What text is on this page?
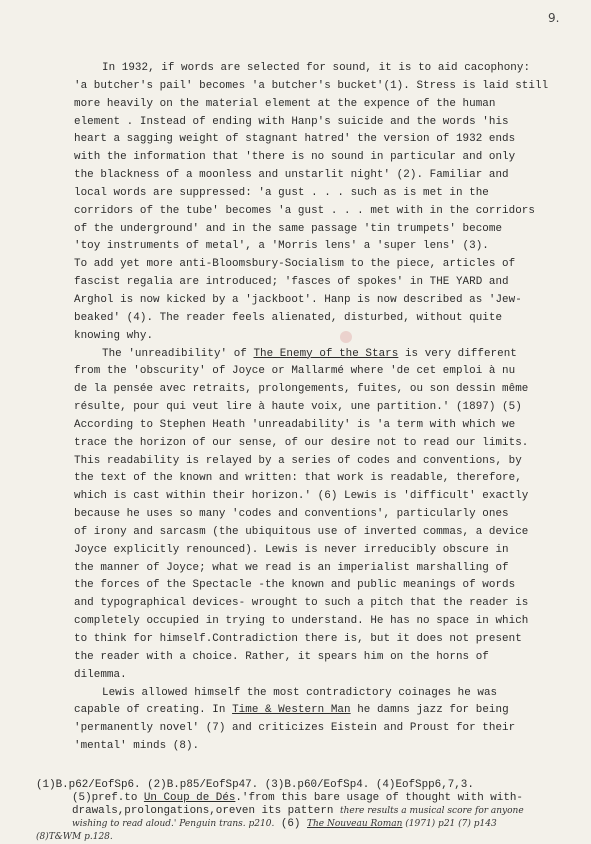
9.
In 1932, if words are selected for sound, it is to aid cacophony:
'a butcher's pail' becomes 'a butcher's bucket'(1). Stress is laid still
more heavily on the material element at the expence of the human
element . Instead of ending with Hanp's suicide and the words 'his
heart a sagging weight of stagnant hatred' the version of 1932 ends
with the information that 'there is no sound in particular and only
the blackness of a moonless and unstarlit night' (2). Familiar and
local words are suppressed: 'a gust . . . such as is met in the
corridors of the tube' becomes 'a gust . . . met with in the corridors
of the underground' and in the same passage 'tin trumpets' become
'toy instruments of metal', a 'Morris lens' a 'super lens' (3).
To add yet more anti-Bloomsbury-Socialism to the piece, articles of
fascist regalia are introduced; 'fasces of spokes' in THE YARD and
Arghol is now kicked by a 'jackboot'. Hanp is now described as 'Jew-
beaked' (4). The reader feels alienated, disturbed, without quite
knowing why.
The 'unreadibility' of The Enemy of the Stars is very different
from the 'obscurity' of Joyce or Mallarmé where 'de cet emploi à nu
de la pensée avec retraits, prolongements, fuites, ou son dessin même
résulte, pour qui veut lire à haute voix, une partition.' (1897) (5)
According to Stephen Heath 'unreadability' is 'a term with which we
trace the horizon of our sense, of our desire not to read our limits.
This readability is relayed by a series of codes and conventions, by
the text of the known and written: that work is readable, therefore,
which is cast within their horizon.' (6) Lewis is 'difficult' exactly
because he uses so many 'codes and conventions', particularly ones
of irony and sarcasm (the ubiquitous use of inverted commas, a device
Joyce explicitly renounced). Lewis is never irreducibly obscure in
the manner of Joyce; what we read is an imperialist marshalling of
the forces of the Spectacle -the known and public meanings of words
and typographical devices- wrought to such a pitch that the reader is
completely occupied in trying to understand. He has no space in which
to think for himself.Contradiction there is, but it does not present
the reader with a choice. Rather, it spears him on the horns of
dilemma.
Lewis allowed himself the most contradictory coinages he was
capable of creating. In Time & Western Man he damns jazz for being
'permanently novel' (7) and criticizes Eistein and Proust for their
'mental' minds (8).
(1)B.p62/EofSp6. (2)B.p85/EofSp47. (3)B.p60/EofSp4. (4)EofSpp6,7,3.
(5)pref.to Un Coup de Dés.'from this bare usage of thought with with-
drawals,prolongations,oreven its pattern there results a musical score for anyone
wishing to read aloud.' Penguin trans. p210. (6) The Nouveau Roman (1971) p21 (7) p143
(8)T&WM p.128.
